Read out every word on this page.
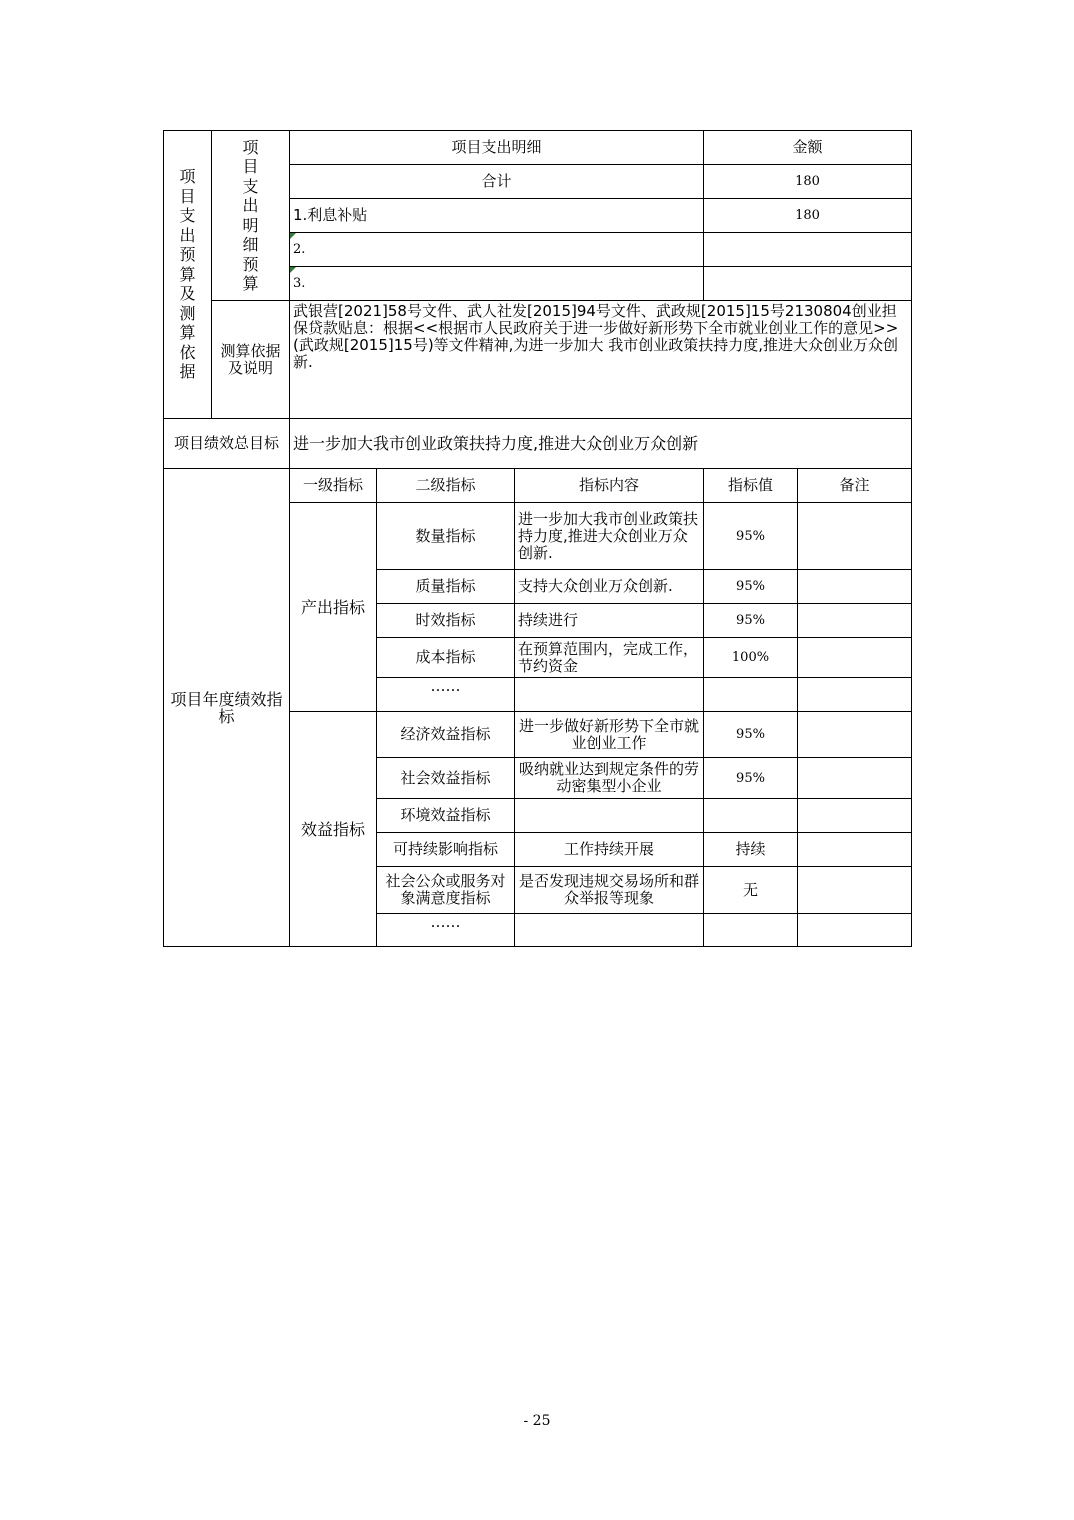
项目支出预算及测算依据	项目支出明细预算	项目支出明细	金额
		合计	180
		1.利息补贴	180
		2.	
		3.	
	测算依据及说明	武银营[2021]58号文件、武人社发[2015]94号文件、武政规[2015]15号2130804创业担保贷款贴息：根据<<根据市人民政府关于进一步做好新形势下全市就业创业工作的意见>>(武政规[2015]15号)等文件精神,为进一步加大 我市创业政策扶持力度,推进大众创业万众创新.	
项目绩效总目标		进一步加大我市创业政策扶持力度,推进大众创业万众创新	
项目年度绩效指标	一级指标	二级指标	指标内容	指标值	备注
	产出指标	数量指标	进一步加大我市创业政策扶持力度,推进大众创业万众创新.	95%	
		质量指标	支持大众创业万众创新.	95%	
		时效指标	持续进行	95%	
		成本指标	在预算范围内，完成工作，节约资金	100%	
		……			
	效益指标	经济效益指标	进一步做好新形势下全市就业创业工作	95%	
		社会效益指标	吸纳就业达到规定条件的劳动密集型小企业	95%	
		环境效益指标			
		可持续影响指标	工作持续开展	持续	
		社会公众或服务对象满意度指标	是否发现违规交易场所和群众举报等现象	无	
		……			
- 25
